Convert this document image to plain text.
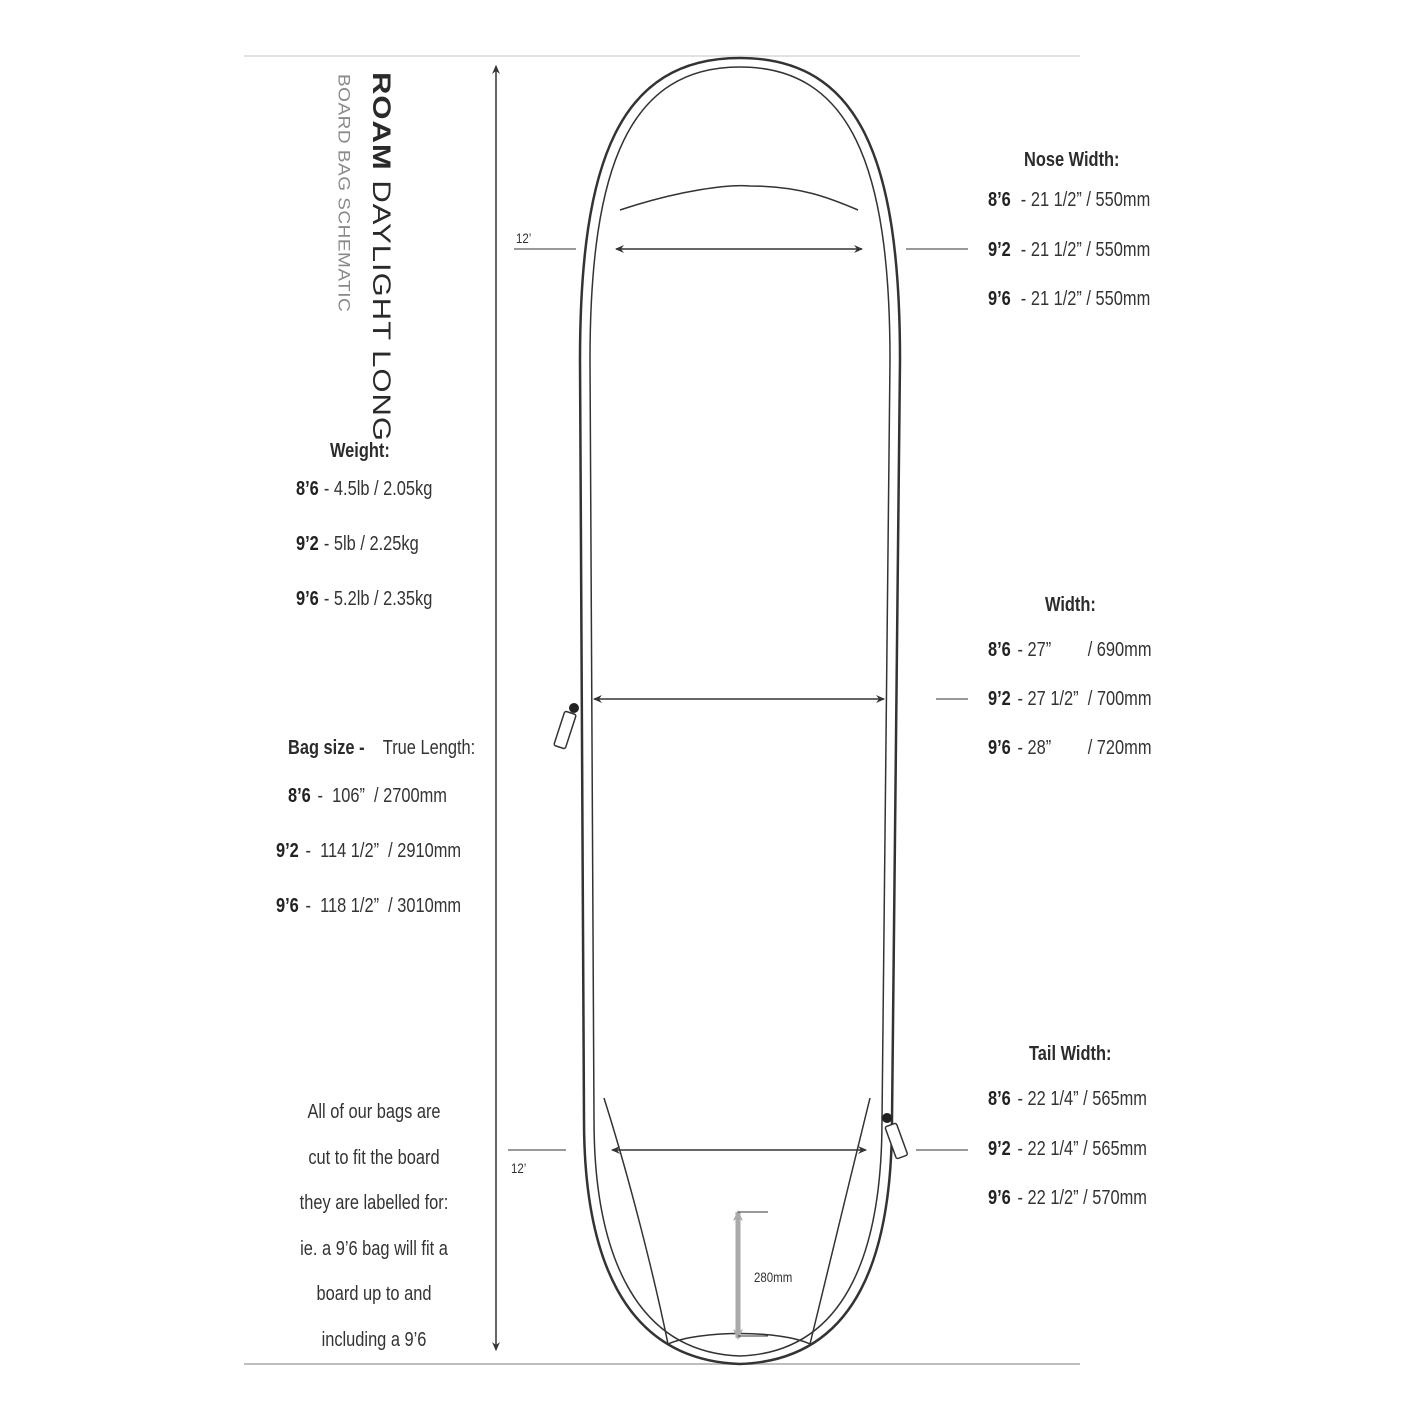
ROAM DAYLIGHT LONG
BOARD BAG SCHEMATIC	12’
12’
280mm
Nose Width:
8’6 - 21 1/2” / 550mm
9’2 - 21 1/2” / 550mm
9’6 - 21 1/2” / 550mm
Weight:
8’6 - 4.5lb / 2.05kg
9’2 - 5lb / 2.25kg
9’6 - 5.2lb / 2.35kg	Width:
8’6 - 27”        / 690mm
9’2 - 27 1/2”  / 700mm
9’6 - 28”        / 720mm
Bag size - True Length:
8’6 -  106”  / 2700mm
9’2 -  114 1/2”  / 2910mm
9’6 -  118 1/2”  / 3010mm
Tail Width:
8’6 - 22 1/4” / 565mm
9’2 - 22 1/4” / 565mm
9’6 - 22 1/2” / 570mm
All of our bags are
cut to fit the board
they are labelled for:
ie. a 9’6 bag will fit a
board up to and
including a 9’6
